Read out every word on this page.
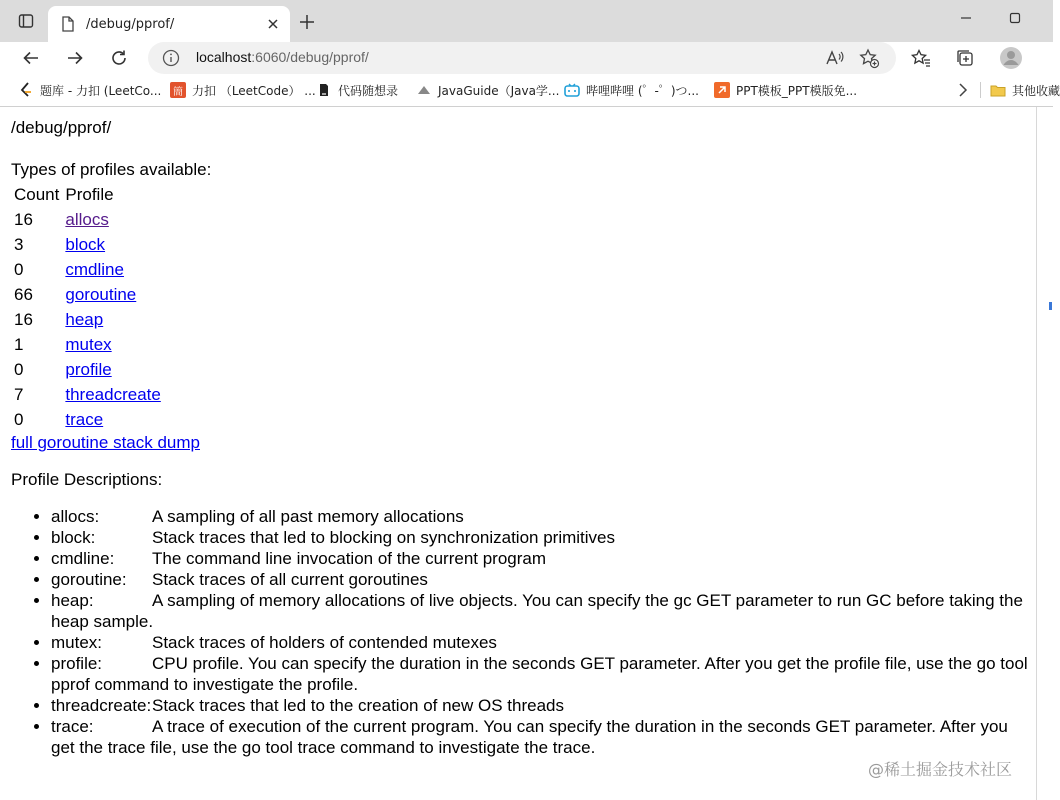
/debug/pprof/
localhost:6060/debug/pprof/
题库 - 力扣 (LeetCo...	簡 力扣 （LeetCode） ... 代码随想录	JavaGuide（Java学... 哔哩哔哩 (゜-゜)つ...	PPT模板_PPT模版免...	其他收藏
/debug/pprof/
Types of profiles available:
Count	Profile
16	allocs
3	block
0	cmdline
66	goroutine
16	heap
1	mutex
0	profile
7	threadcreate
0	trace
full goroutine stack dump
Profile Descriptions:
• allocs:	A sampling of all past memory allocations
• block:	Stack traces that led to blocking on synchronization primitives
• cmdline: The command line invocation of the current program
• goroutine: Stack traces of all current goroutines
• heap:	A sampling of memory allocations of live objects. You can specify the gc GET parameter to run GC before taking the heap sample.
• mutex:	Stack traces of holders of contended mutexes
• profile:	CPU profile. You can specify the duration in the seconds GET parameter. After you get the profile file, use the go tool pprof command to investigate the profile.
• threadcreate:Stack traces that led to the creation of new OS threads
• trace:	A trace of execution of the current program. You can specify the duration in the seconds GET parameter. After you get the trace file, use the go tool trace command to investigate the trace.
@稀土掘金技术社区
